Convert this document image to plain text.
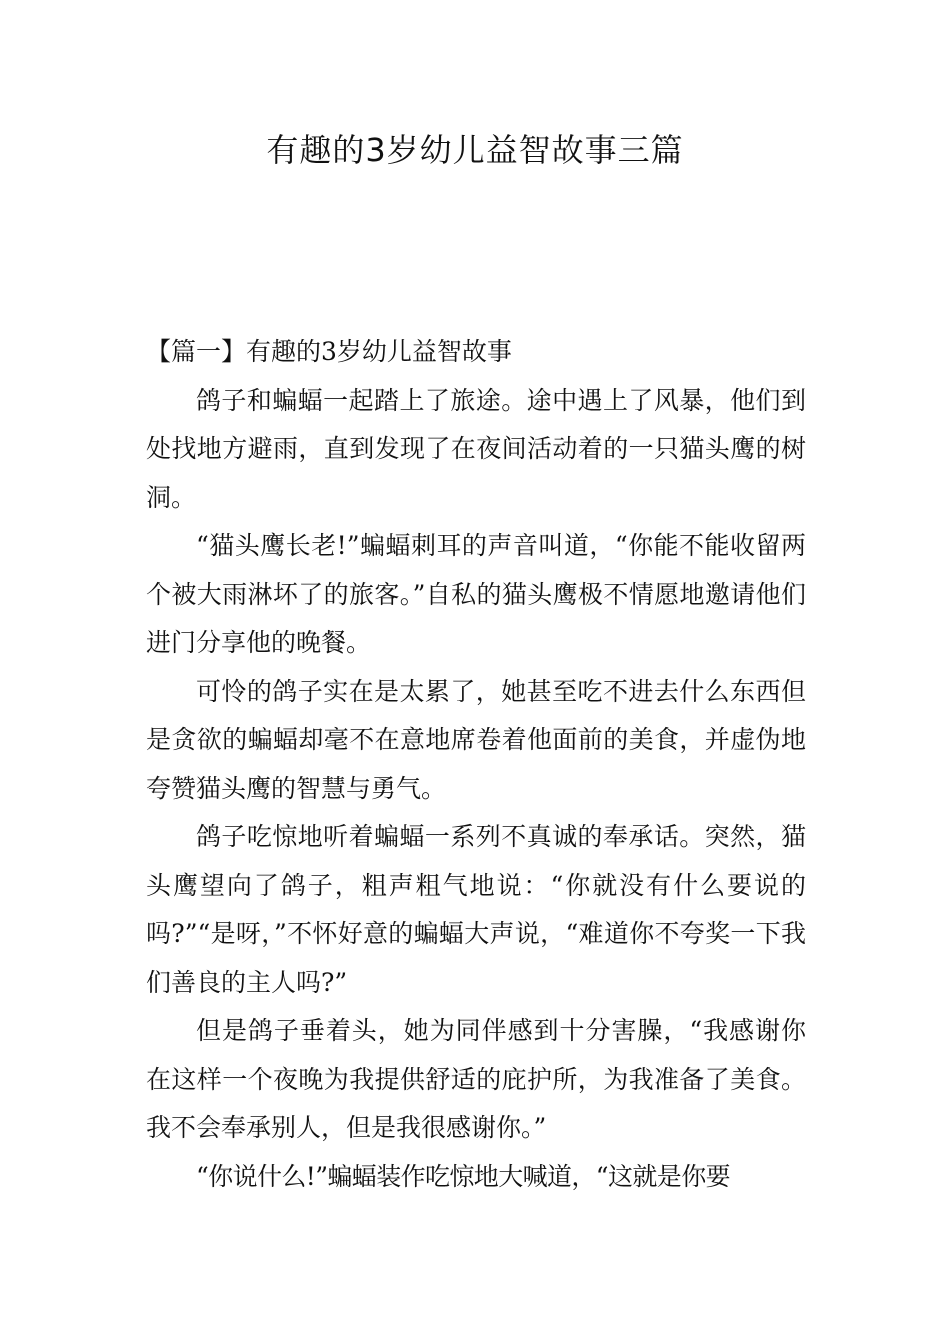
有趣的3岁幼儿益智故事三篇

【篇一】有趣的3岁幼儿益智故事

鸽子和蝙蝠一起踏上了旅途。途中遇上了风暴，他们到处找地方避雨，直到发现了在夜间活动着的一只猫头鹰的树洞。

“猫头鹰长老!”蝙蝠刺耳的声音叫道，“你能不能收留两个被大雨淋坏了的旅客。”自私的猫头鹰极不情愿地邀请他们进门分享他的晚餐。

可怜的鸽子实在是太累了，她甚至吃不进去什么东西但是贪欲的蝙蝠却毫不在意地席卷着他面前的美食，并虚伪地夸赞猫头鹰的智慧与勇气。

鸽子吃惊地听着蝙蝠一系列不真诚的奉承话。突然，猫头鹰望向了鸽子，粗声粗气地说：“你就没有什么要说的吗?”“是呀，”不怀好意的蝙蝠大声说，“难道你不夸奖一下我们善良的主人吗?”

但是鸽子垂着头，她为同伴感到十分害臊，“我感谢你在这样一个夜晚为我提供舒适的庇护所，为我准备了美食。我不会奉承别人，但是我很感谢你。”

“你说什么!”蝙蝠装作吃惊地大喊道，“这就是你要
